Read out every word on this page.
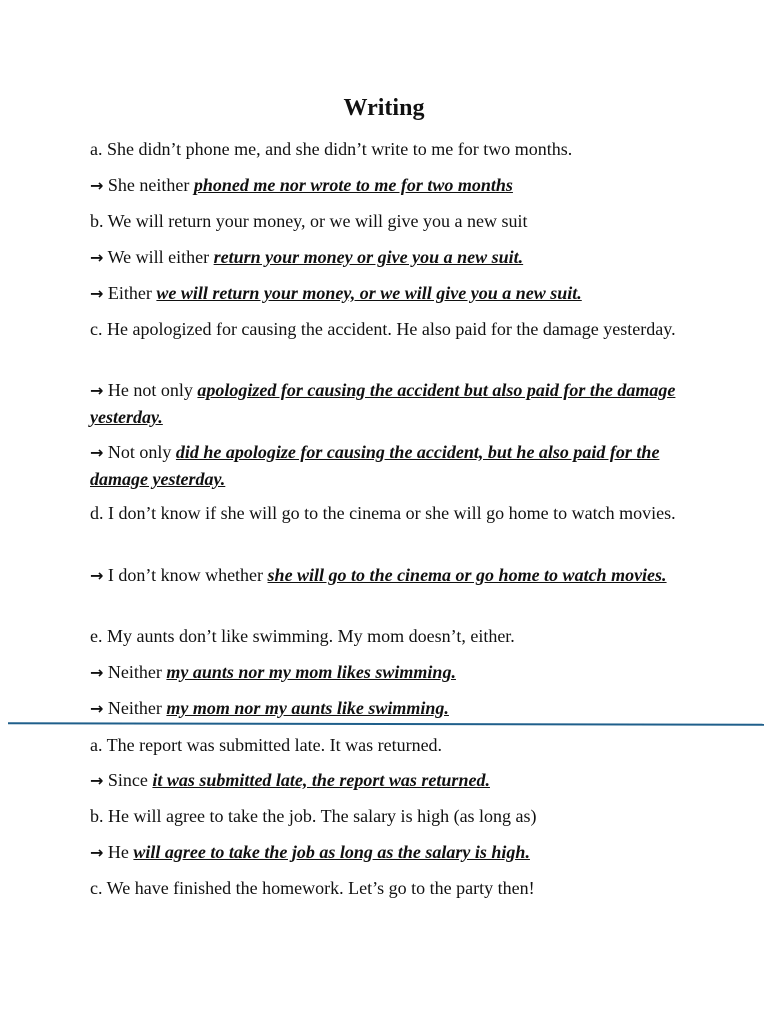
Writing
a. She didn’t phone me, and she didn’t write to me for two months.
→ She neither phoned me nor wrote to me for two months
b. We will return your money, or we will give you a new suit
→ We will either return your money or give you a new suit.
→ Either we will return your money, or we will give you a new suit.
c. He apologized for causing the accident. He also paid for the damage yesterday.
→ He not only apologized for causing the accident but also paid for the damage yesterday.
→ Not only did he apologize for causing the accident, but he also paid for the damage yesterday.
d. I don’t know if she will go to the cinema or she will go home to watch movies.
→ I don’t know whether she will go to the cinema or go home to watch movies.
e. My aunts don’t like swimming. My mom doesn’t, either.
→ Neither my aunts nor my mom likes swimming.
→ Neither my mom nor my aunts like swimming.
a. The report was submitted late. It was returned.
→ Since it was submitted late, the report was returned.
b. He will agree to take the job. The salary is high (as long as)
→ He will agree to take the job as long as the salary is high.
c. We have finished the homework. Let’s go to the party then!
